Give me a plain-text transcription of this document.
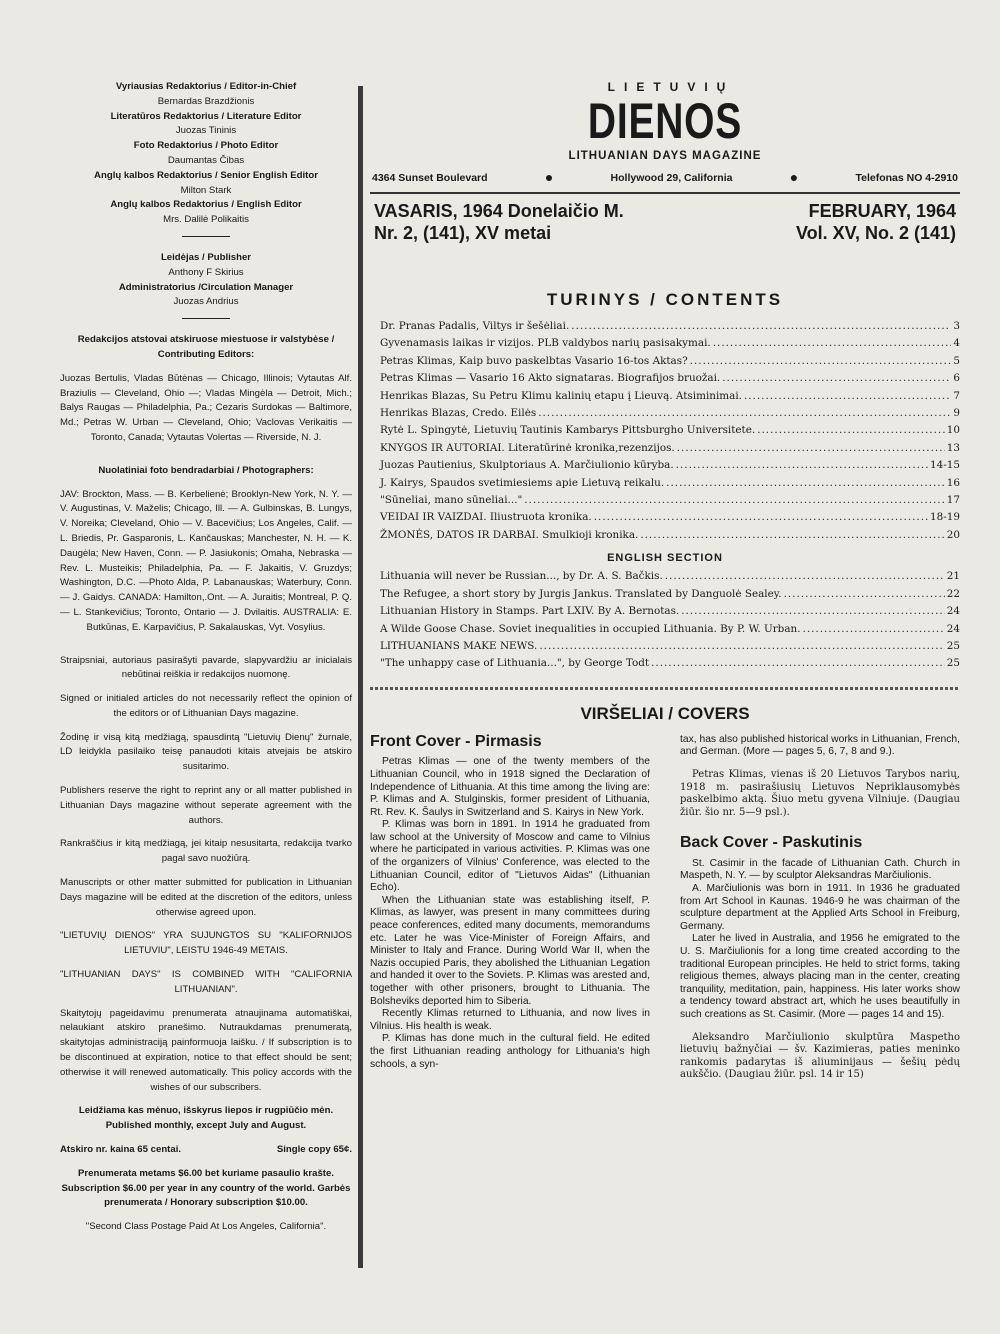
Vyriausias Redaktorius / Editor-in-Chief
Bernardas Brazdžionis
Literatūros Redaktorius / Literature Editor
Juozas Tininis
Foto Redaktorius / Photo Editor
Daumantas Čibas
Anglų kalbos Redaktorius / Senior English Editor
Milton Stark
Anglų kalbos Redaktorius / English Editor
Mrs. Dalilė Polikaitis
Leidėjas / Publisher
Anthony F Skirius
Administratorius /Circulation Manager
Juozas Andrius
Redakcijos atstovai atskiruose miestuose ir valstybėse / Contributing Editors:
Juozas Bertulis, Vladas Būtėnas — Chicago, Illinois; Vytautas Alf. Braziulis — Cleveland, Ohio —; Vladas Mingėla — Detroit, Mich.; Balys Raugas — Philadelphia, Pa.; Cezaris Surdokas — Baltimore, Md.; Petras W. Urban — Cleveland, Ohio; Vaclovas Verikaitis — Toronto, Canada; Vytautas Volertas — Riverside, N. J.
Nuolatiniai foto bendradarbiai / Photographers:
JAV: Brockton, Mass. — B. Kerbelienė; Brooklyn-New York, N. Y. — V. Augustinas, V. Maželis; Chicago, Ill. — A. Gulbinskas, B. Lungys, V. Noreika; Cleveland, Ohio — V. Bacevičius; Los Angeles, Calif. — L. Briedis, Pr. Gasparonis, L. Kančauskas; Manchester, N. H. — K. Daugėla; New Haven, Conn. — P. Jasiukonis; Omaha, Nebraska — Rev. L. Musteikis; Philadelphia, Pa. — F. Jakaitis, V. Gruzdys; Washington, D.C. —Photo Alda, P. Labanauskas; Waterbury, Conn. — J. Gaidys. CANADA: Hamilton,.Ont. — A. Juraitis; Montreal, P. Q. — L. Stankevičius; Toronto, Ontario — J. Dvilaitis. AUSTRALIA: E. Butkūnas, E. Karpavičius, P. Sakalauskas, Vyt. Vosylius.
Straipsniai, autoriaus pasirašyti pavarde, slapyvardžiu ar inicialais nebūtinai reiškia ir redakcijos nuomonę.
Signed or initialed articles do not necessarily reflect the opinion of the editors or of Lithuanian Days magazine.
Žodinę ir visą kitą medžiagą, spausdintą "Lietuvių Dienų" žurnale, LD leidykla pasilaiko teisę panaudoti kitais atvejais be atskiro susitarimo.
Publishers reserve the right to reprint any or all matter published in Lithuanian Days magazine without seperate agreement with the authors.
Rankraščius ir kitą medžiagą, jei kitaip nesusitarta, redakcija tvarko pagal savo nuožiūrą.
Manuscripts or other matter submitted for publication in Lithuanian Days magazine will be edited at the discretion of the editors, unless otherwise agreed upon.
"LIETUVIŲ DIENOS" YRA SUJUNGTOS SU "KALIFORNIJOS LIETUVIU", LEISTU 1946-49 METAIS.
"LITHUANIAN DAYS" IS COMBINED WITH "CALIFORNIA LITHUANIAN".
Skaitytojų pageidavimu prenumerata atnaujinama automatiškai, nelaukiant atskiro pranešimo. Nutraukdamas prenumeratą, skaitytojas administraciją painformuoja laišku. / If subscription is to be discontinued at expiration, notice to that effect should be sent; otherwise it will renewed automatically. This policy accords with the wishes of our subscribers.
Leidžiama kas mėnuo, išskyrus liepos ir rugpiūčio mėn. Published monthly, except July and August.
Atskiro nr. kaina 65 centai.	Single copy 65¢.
Prenumerata metams $6.00 bet kuriame pasaulio krašte. Subscription $6.00 per year in any country of the world. Garbės prenumerata / Honorary subscription $10.00.
"Second Class Postage Paid At Los Angeles, California".
LIETUVIŲ
DIENOS
LITHUANIAN DAYS MAGAZINE
4364 Sunset Boulevard	●	Hollywood 29, California	●	Telefonas NO 4-2910
VASARIS, 1964 Donelaičio M.
Nr. 2, (141), XV metai
FEBRUARY, 1964
Vol. XV, No. 2 (141)
TURINYS / CONTENTS
Dr. Pranas Padalis, Viltys ir šešėliai. .....	3
Gyvenamasis laikas ir vizijos. PLB valdybos narių pasisakymai. .....	4
Petras Klimas, Kaip buvo paskelbtas Vasario 16-tos Aktas? .....	5
Petras Klimas — Vasario 16 Akto signataras. Biografijos bruožai. .....	6
Henrikas Blazas, Su Petru Klimu kalinių etapu į Lieuvą. Atsiminimai. .....	7
Henrikas Blazas, Credo. Eilės .....	9
Rytė L. Spingytė, Lietuvių Tautinis Kambarys Pittsburgho Universitete. .....	10
KNYGOS IR AUTORIAI. Literatūrinė kronika,rezenzijos. .....	13
Juozas Pautienius, Skulptoriaus A. Marčiulionio kūryba. .....	14-15
J. Kairys, Spaudos svetimiesiems apie Lietuvą reikalu. .....	16
"Sūneliai, mano sūneliai..." .....	17
VEIDAI IR VAIZDAI. Iliustruota kronika. .....	18-19
ŽMONĖS, DATOS IR DARBAI. Smulkioji kronika. .....	20
ENGLISH SECTION
Lithuania will never be Russian..., by Dr. A. S. Bačkis. .....	21
The Refugee, a short story by Jurgis Jankus. Translated by Danguolė Sealey. .....	22
Lithuanian History in Stamps. Part LXIV. By A. Bernotas. .....	24
A Wilde Goose Chase. Soviet inequalities in occupied Lithuania. By P. W. Urban. .....	24
LITHUANIANS MAKE NEWS. .....	25
"The unhappy case of Lithuania...", by George Todt .....	25
VIRŠELIAI / COVERS
Front Cover - Pirmasis

Petras Klimas — one of the twenty members of the Lithuanian Council, who in 1918 signed the Declaration of Independence of Lithuania. At this time among the living are: P. Klimas and A. Stulginskis, former president of Lithuania, Rt. Rev. K. Šaulys in Switzerland and S. Kairys in New York.

P. Klimas was born in 1891. In 1914 he graduated from law school at the University of Moscow and came to Vilnius where he participated in various activities. P. Klimas was one of the organizers of Vilnius' Conference, was elected to the Lithuanian Council, editor of "Lietuvos Aidas" (Lithuanian Echo).

When the Lithuanian state was establishing itself, P. Klimas, as lawyer, was present in many committees during peace conferences, edited many documents, memorandums etc. Later he was Vice-Minister of Foreign Affairs, and Minister to Italy and France. During World War II, when the Nazis occupied Paris, they abolished the Lithuanian Legation and handed it over to the Soviets. P. Klimas was arested and, together with other prisoners, brought to Lithuania. The Bolsheviks deported him to Siberia.

Recently Klimas returned to Lithuania, and now lives in Vilnius. His health is weak.

P. Klimas has done much in the cultural field. He edited the first Lithuanian reading anthology for Lithuania's high schools, a syn-

tax, has also published historical works in Lithuanian, French, and German. (More — pages 5, 6, 7, 8 and 9.).

Petras Klimas, vienas iš 20 Lietuvos Tarybos narių, 1918 m. pasirašiusių Lietuvos Nepriklausomybės paskelbimo aktą. Šiuo metu gyvena Vilniuje. (Daugiau žiūr. šio nr. 5—9 psl.).

Back Cover - Paskutinis

St. Casimir in the facade of Lithuanian Cath. Church in Maspeth, N. Y. — by sculptor Aleksandras Marčiulionis.

A. Marčiulionis was born in 1911. In 1936 he graduated from Art School in Kaunas. 1946-9 he was chairman of the sculpture department at the Applied Arts School in Freiburg, Germany.

Later he lived in Australia, and 1956 he emigrated to the U. S. Marčiulionis for a long time created according to the traditional European principles. He held to strict forms, taking religious themes, always placing man in the center, creating tranquility, meditation, pain, happiness. His later works show a tendency toward abstract art, which he uses beautifully in such creations as St. Casimir. (More — pages 14 and 15).

Aleksandro Marčiulionio skulptūra Maspetho lietuvių bažnyčiai — šv. Kazimieras, paties meninko rankomis padarytas iš aliuminijaus — šešių pėdų aukščio. (Daugiau žiūr. psl. 14 ir 15)
